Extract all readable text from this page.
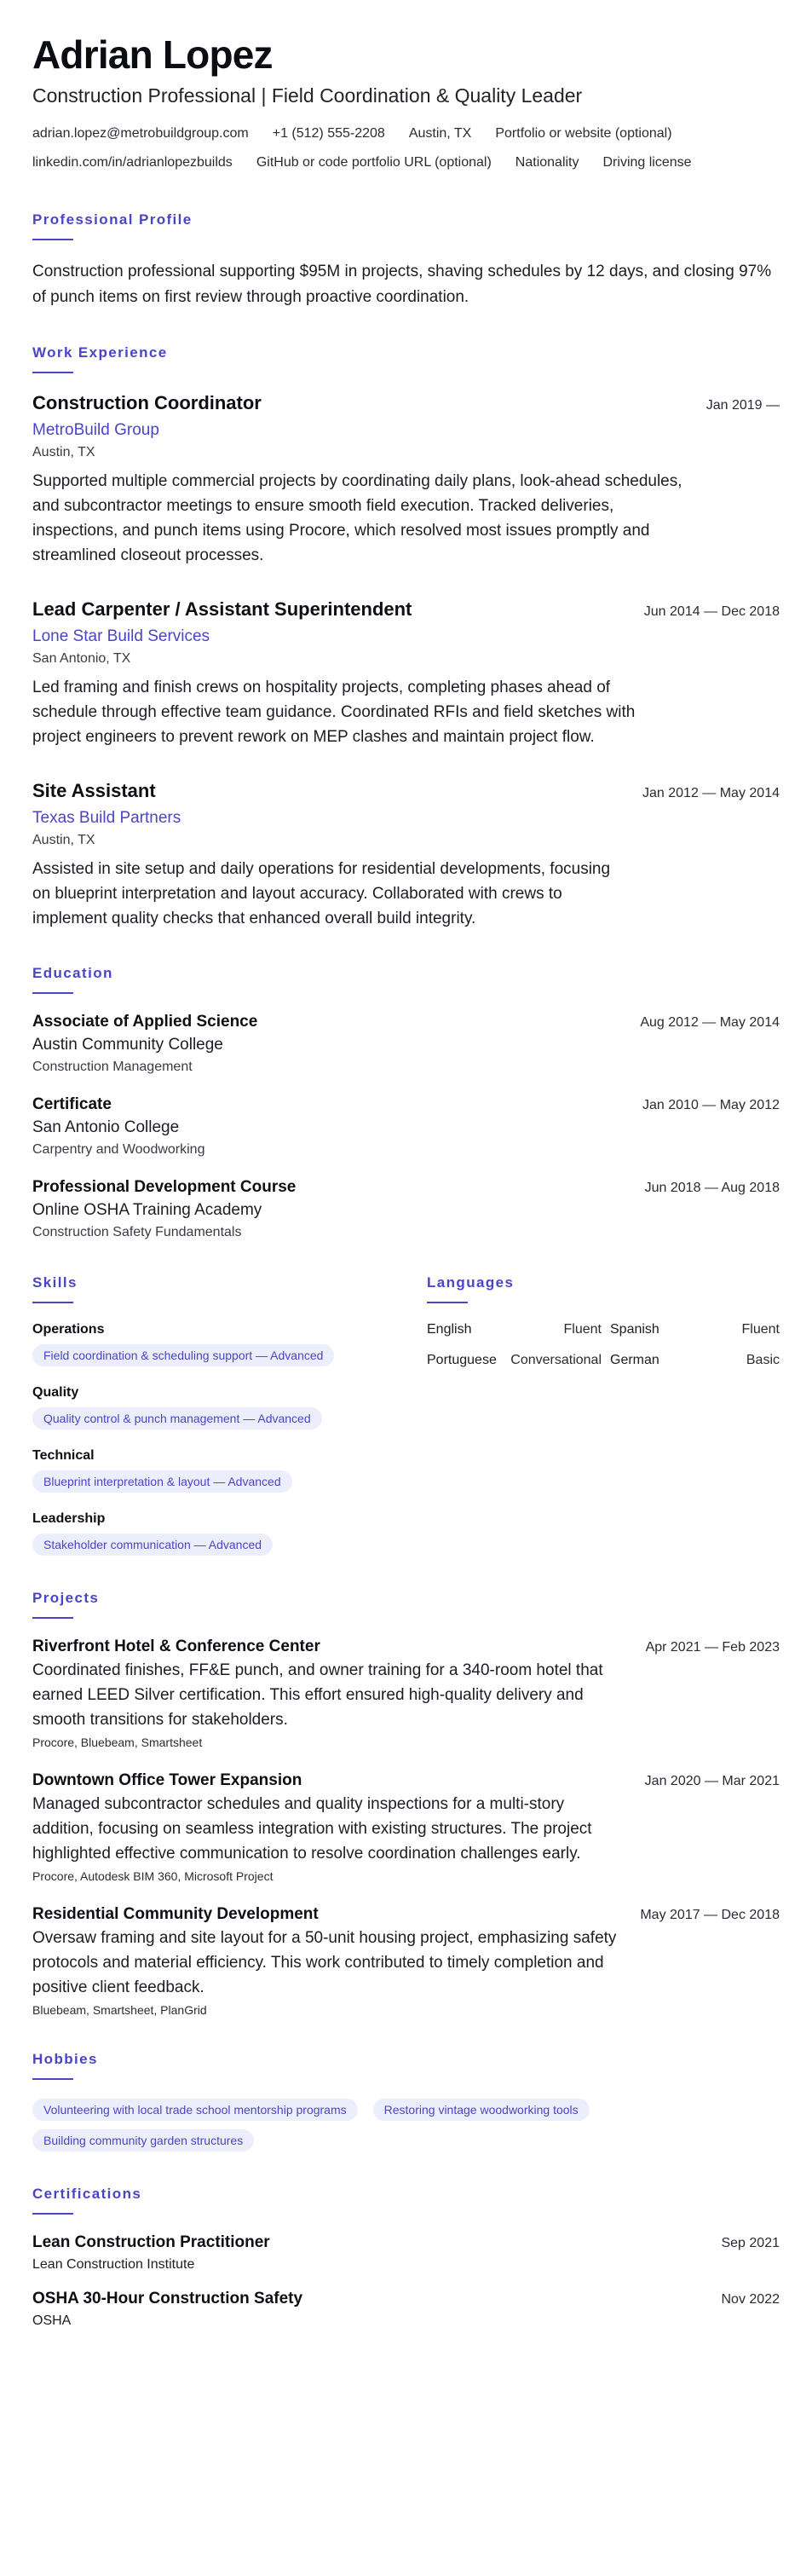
Adrian Lopez
Construction Professional | Field Coordination & Quality Leader
adrian.lopez@metrobuildgroup.com +1 (512) 555-2208 Austin, TX Portfolio or website (optional)
linkedin.com/in/adrianlopezbuilds GitHub or code portfolio URL (optional) Nationality Driving license
Professional Profile
Construction professional supporting $95M in projects, shaving schedules by 12 days, and closing 97% of punch items on first review through proactive coordination.
Work Experience
Construction Coordinator	Jan 2019 —
MetroBuild Group
Austin, TX
Supported multiple commercial projects by coordinating daily plans, look-ahead schedules, and subcontractor meetings to ensure smooth field execution. Tracked deliveries, inspections, and punch items using Procore, which resolved most issues promptly and streamlined closeout processes.
Lead Carpenter / Assistant Superintendent	Jun 2014 — Dec 2018
Lone Star Build Services
San Antonio, TX
Led framing and finish crews on hospitality projects, completing phases ahead of schedule through effective team guidance. Coordinated RFIs and field sketches with project engineers to prevent rework on MEP clashes and maintain project flow.
Site Assistant	Jan 2012 — May 2014
Texas Build Partners
Austin, TX
Assisted in site setup and daily operations for residential developments, focusing on blueprint interpretation and layout accuracy. Collaborated with crews to implement quality checks that enhanced overall build integrity.
Education
Associate of Applied Science	Aug 2012 — May 2014
Austin Community College
Construction Management
Certificate	Jan 2010 — May 2012
San Antonio College
Carpentry and Woodworking
Professional Development Course	Jun 2018 — Aug 2018
Online OSHA Training Academy
Construction Safety Fundamentals
Skills
Operations
Field coordination & scheduling support — Advanced
Quality
Quality control & punch management — Advanced
Technical
Blueprint interpretation & layout — Advanced
Leadership
Stakeholder communication — Advanced
Languages
English	Fluent Spanish	Fluent
Portuguese	Conversational German	Basic
Projects
Riverfront Hotel & Conference Center	Apr 2021 — Feb 2023
Coordinated finishes, FF&E punch, and owner training for a 340-room hotel that earned LEED Silver certification. This effort ensured high-quality delivery and smooth transitions for stakeholders.
Procore, Bluebeam, Smartsheet
Downtown Office Tower Expansion	Jan 2020 — Mar 2021
Managed subcontractor schedules and quality inspections for a multi-story addition, focusing on seamless integration with existing structures. The project highlighted effective communication to resolve coordination challenges early.
Procore, Autodesk BIM 360, Microsoft Project
Residential Community Development	May 2017 — Dec 2018
Oversaw framing and site layout for a 50-unit housing project, emphasizing safety protocols and material efficiency. This work contributed to timely completion and positive client feedback.
Bluebeam, Smartsheet, PlanGrid
Hobbies
Volunteering with local trade school mentorship programs	Restoring vintage woodworking tools
Building community garden structures
Certifications
Lean Construction Practitioner	Sep 2021
Lean Construction Institute
OSHA 30-Hour Construction Safety	Nov 2022
OSHA
